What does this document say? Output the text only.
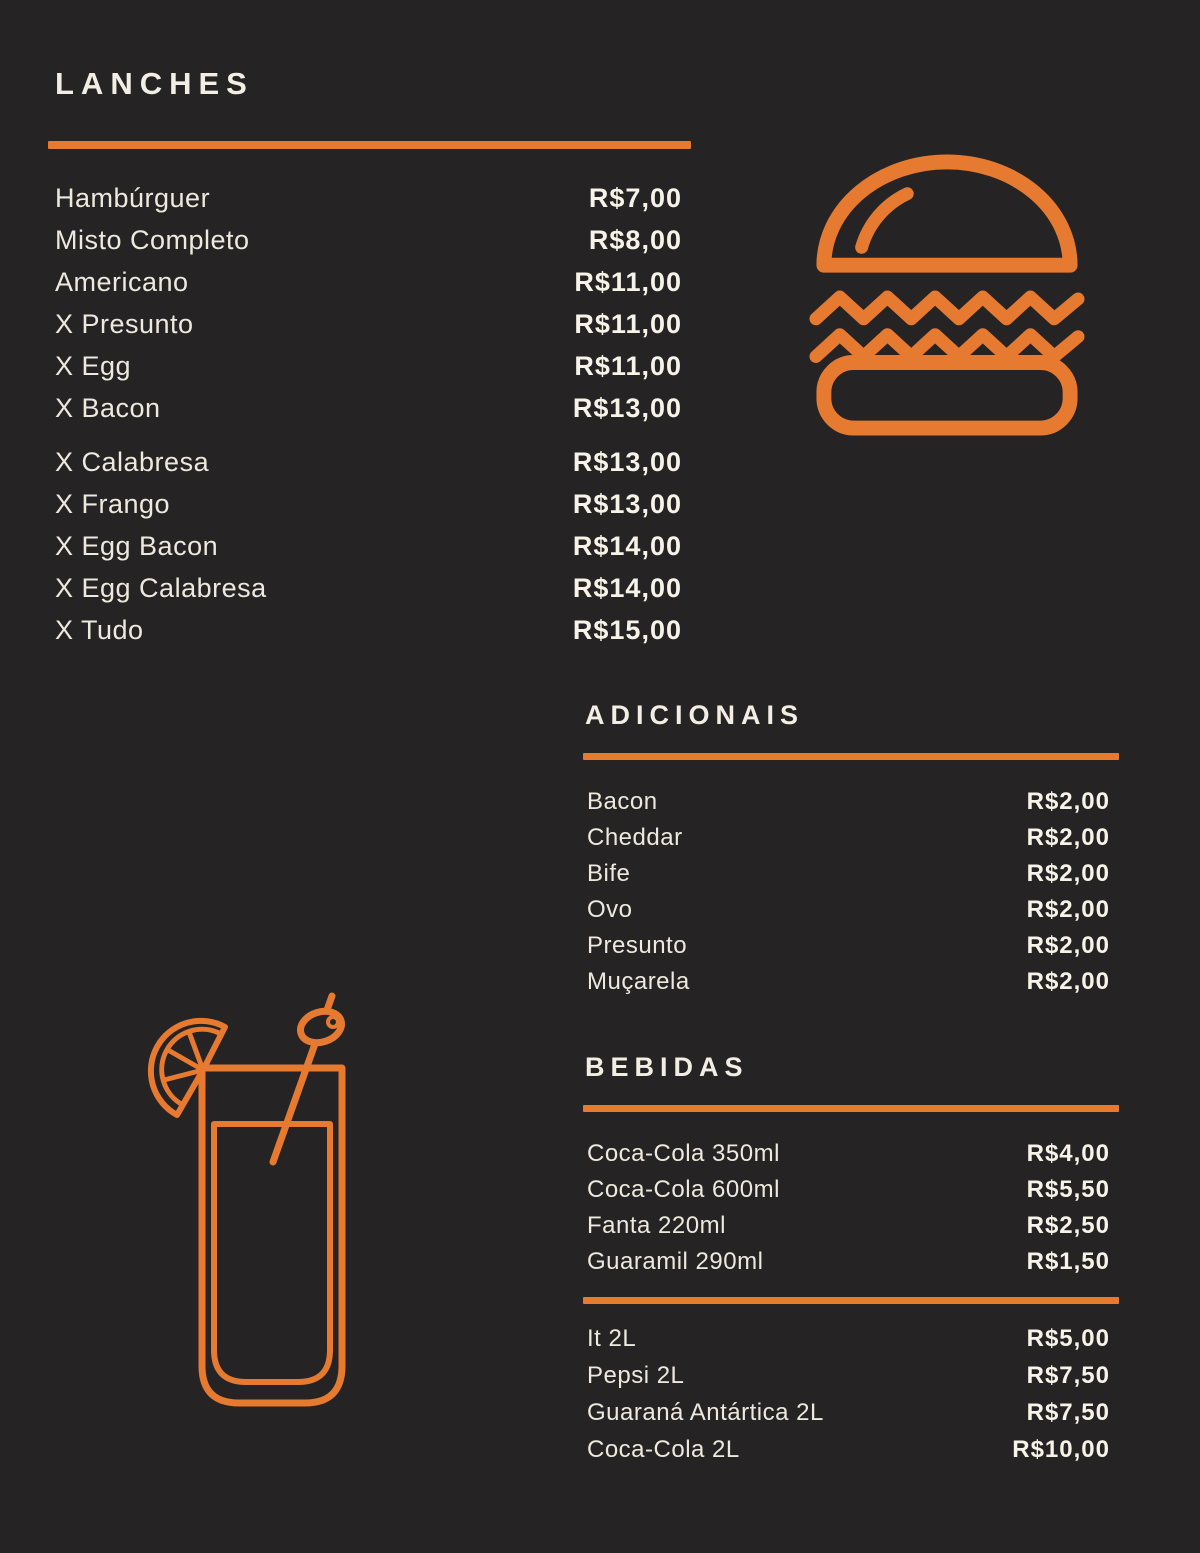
LANCHES
Hambúrguer	R$7,00
Misto Completo	R$8,00
Americano	R$11,00
X Presunto	R$11,00
X Egg	R$11,00
X Bacon	R$13,00
X Calabresa	R$13,00
X Frango	R$13,00
X Egg Bacon	R$14,00
X Egg Calabresa	R$14,00
X Tudo	R$15,00
ADICIONAIS
Bacon	R$2,00
Cheddar	R$2,00
Bife	R$2,00
Ovo	R$2,00
Presunto	R$2,00
Muçarela	R$2,00
BEBIDAS
Coca-Cola 350ml	R$4,00
Coca-Cola 600ml	R$5,50
Fanta 220ml	R$2,50
Guaramil 290ml	R$1,50
It 2L	R$5,00
Pepsi 2L	R$7,50
Guaraná Antártica 2L	R$7,50
Coca-Cola 2L	R$10,00
